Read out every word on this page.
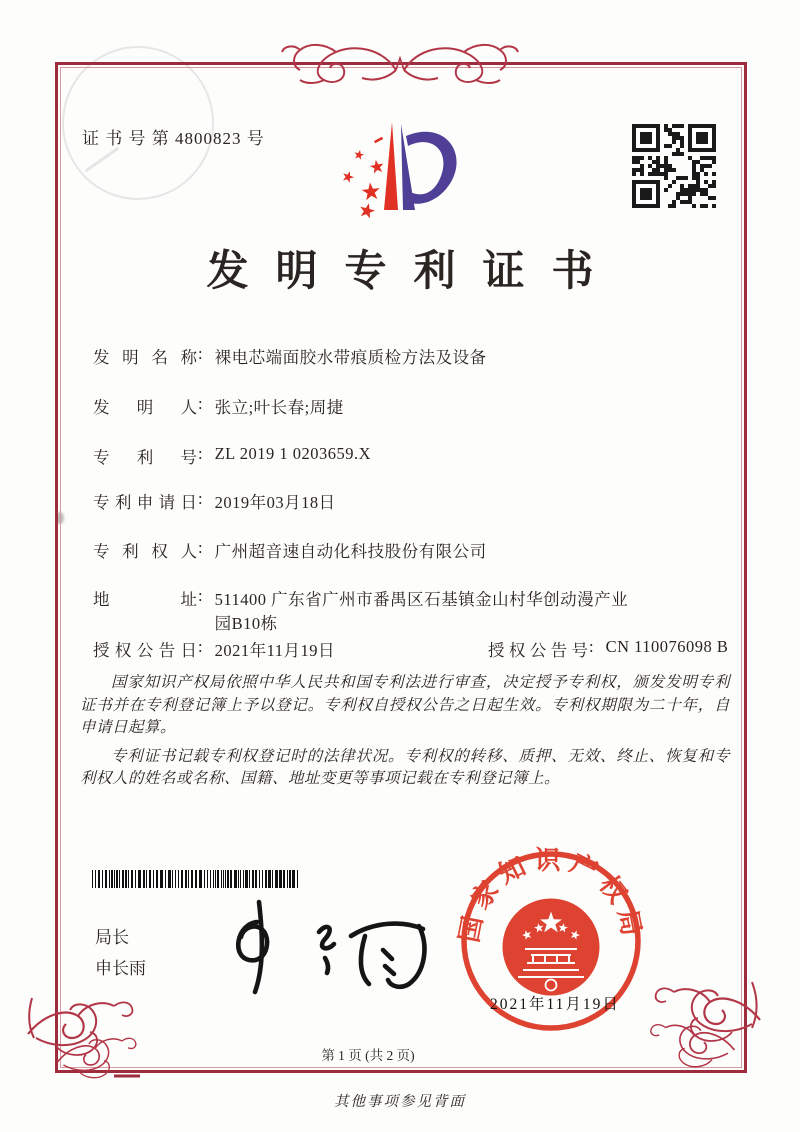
证 书 号 第 4800823 号
发明专利证书
发明名称 : 裸电芯端面胶水带痕质检方法及设备
发明人 : 张立;叶长春;周捷
专利号 : ZL 2019 1 0203659.X
专利申请日 : 2019年03月18日
专利权人 : 广州超音速自动化科技股份有限公司
地址 : 511400 广东省广州市番禺区石基镇金山村华创动漫产业
园B10栋
授权公告日 : 2021年11月19日	授权公告号 : CN 110076098 B

国家知识产权局依照中华人民共和国专利法进行审查，决定授予专利权，颁发发明专利证书并在专利登记簿上予以登记。专利权自授权公告之日起生效。专利权期限为二十年，自申请日起算。

专利证书记载专利权登记时的法律状况。专利权的转移、质押、无效、终止、恢复和专利权人的姓名或名称、国籍、地址变更等事项记载在专利登记簿上。

局长
申长雨
国家知识产权局
2021年11月19日
第 1 页 (共 2 页)
其他事项参见背面
